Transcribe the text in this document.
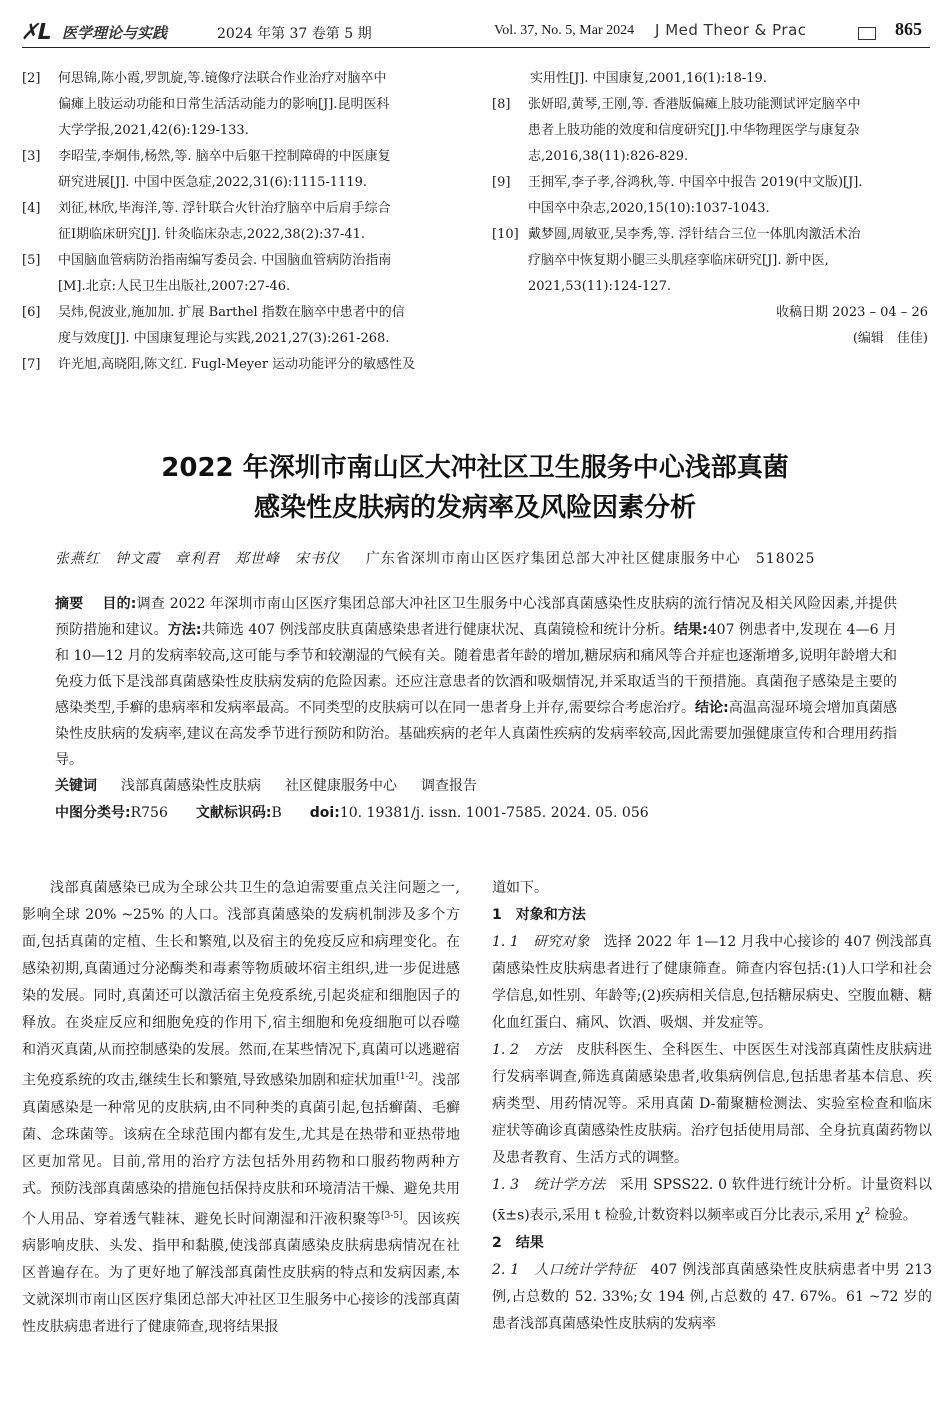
✗L 医学理论与实践	2024 年第 37 卷第 5 期	Vol. 37, No. 5, Mar 2024 J Med Theor & Prac	865
[2]	何思锦,陈小霞,罗凯旋,等.镜像疗法联合作业治疗对脑卒中
偏瘫上肢运动功能和日常生活活动能力的影响[J].昆明医科
大学学报,2021,42(6):129-133.
[3]	李昭莹,李炯伟,杨然,等. 脑卒中后躯干控制障碍的中医康复
研究进展[J]. 中国中医急症,2022,31(6):1115-1119.
[4]	刘征,林欣,毕海洋,等. 浮针联合火针治疗脑卒中后肩手综合
征Ⅰ期临床研究[J]. 针灸临床杂志,2022,38(2):37-41.
[5]	中国脑血管病防治指南编写委员会. 中国脑血管病防治指南
[M].北京:人民卫生出版社,2007:27-46.
[6]	吴炜,倪波业,施加加. 扩展 Barthel 指数在脑卒中患者中的信
度与效度[J]. 中国康复理论与实践,2021,27(3):261-268.
[7]	许光旭,高晓阳,陈文红. Fugl-Meyer 运动功能评分的敏感性及
实用性[J]. 中国康复,2001,16(1):18-19.
[8]	张妍昭,黄琴,王刚,等. 香港版偏瘫上肢功能测试评定脑卒中
患者上肢功能的效度和信度研究[J].中华物理医学与康复杂
志,2016,38(11):826-829.
[9]	王拥军,李子孝,谷鸿秋,等. 中国卒中报告 2019(中文版)[J].
中国卒中杂志,2020,15(10):1037-1043.
[10] 戴梦圆,周敏亚,吴李秀,等. 浮针结合三位一体肌肉激活术治
疗脑卒中恢复期小腿三头肌痉挛临床研究[J]. 新中医,
2021,53(11):124-127.
收稿日期 2023 – 04 – 26
(编辑　佳佳)
2022 年深圳市南山区大冲社区卫生服务中心浅部真菌
感染性皮肤病的发病率及风险因素分析
张燕红　钟文霞　章利君　郑世峰　宋书仪 　 广东省深圳市南山区医疗集团总部大冲社区健康服务中心　518025
摘要　 目的:调查 2022 年深圳市南山区医疗集团总部大冲社区卫生服务中心浅部真菌感染性皮肤病的流行情况及相关风险因素,并提供预防措施和建议。方法:共筛选 407 例浅部皮肤真菌感染患者进行健康状况、真菌镜检和统计分析。结果:407 例患者中,发现在 4—6 月和 10—12 月的发病率较高,这可能与季节和较潮湿的气候有关。随着患者年龄的增加,糖尿病和痛风等合并症也逐渐增多,说明年龄增大和免疫力低下是浅部真菌感染性皮肤病发病的危险因素。还应注意患者的饮酒和吸烟情况,并采取适当的干预措施。真菌孢子感染是主要的感染类型,手癣的患病率和发病率最高。不同类型的皮肤病可以在同一患者身上并存,需要综合考虑治疗。结论:高温高湿环境会增加真菌感染性皮肤病的发病率,建议在高发季节进行预防和防治。基础疾病的老年人真菌性疾病的发病率较高,因此需要加强健康宣传和合理用药指导。
关键词 浅部真菌感染性皮肤病 社区健康服务中心 调查报告
中图分类号:R756　　 文献标识码:B　　 doi:10. 19381/j. issn. 1001-7585. 2024. 05. 056

浅部真菌感染已成为全球公共卫生的急迫需要重点关注问题之一,影响全球 20% ~25% 的人口。浅部真菌感染的发病机制涉及多个方面,包括真菌的定植、生长和繁殖,以及宿主的免疫反应和病理变化。在感染初期,真菌通过分泌酶类和毒素等物质破坏宿主组织,进一步促进感染的发展。同时,真菌还可以激活宿主免疫系统,引起炎症和细胞因子的释放。在炎症反应和细胞免疫的作用下,宿主细胞和免疫细胞可以吞噬和消灭真菌,从而控制感染的发展。然而,在某些情况下,真菌可以逃避宿主免疫系统的攻击,继续生长和繁殖,导致感染加剧和症状加重[1-2]。浅部真菌感染是一种常见的皮肤病,由不同种类的真菌引起,包括癣菌、毛癣菌、念珠菌等。该病在全球范围内都有发生,尤其是在热带和亚热带地区更加常见。目前,常用的治疗方法包括外用药物和口服药物两种方式。预防浅部真菌感染的措施包括保持皮肤和环境清洁干燥、避免共用个人用品、穿着透气鞋袜、避免长时间潮湿和汗液积聚等[3-5]。因该疾病影响皮肤、头发、指甲和黏膜,使浅部真菌感染皮肤病患病情况在社区普遍存在。为了更好地了解浅部真菌性皮肤病的特点和发病因素,本文就深圳市南山区医疗集团总部大冲社区卫生服务中心接诊的浅部真菌性皮肤病患者进行了健康筛查,现将结果报

道如下。
1　对象和方法
1. 1　研究对象　 选择 2022 年 1—12 月我中心接诊的 407 例浅部真菌感染性皮肤病患者进行了健康筛查。筛查内容包括:(1)人口学和社会学信息,如性别、年龄等;(2)疾病相关信息,包括糖尿病史、空腹血糖、糖化血红蛋白、痛风、饮酒、吸烟、并发症等。
1. 2　方法　 皮肤科医生、全科医生、中医医生对浅部真菌性皮肤病进行发病率调查,筛选真菌感染患者,收集病例信息,包括患者基本信息、疾病类型、用药情况等。采用真菌 D-葡聚糖检测法、实验室检查和临床症状等确诊真菌感染性皮肤病。治疗包括使用局部、全身抗真菌药物以及患者教育、生活方式的调整。
1. 3　统计学方法　 采用 SPSS22. 0 软件进行统计分析。计量资料以(x̄±s)表示,采用 t 检验,计数资料以频率或百分比表示,采用 $\chi^2$ 检验。
2　结果
2. 1　人口统计学特征　 407 例浅部真菌感染性皮肤病患者中男 213 例,占总数的 52. 33%;女 194 例,占总数的 47. 67%。61 ~72 岁的患者浅部真菌感染性皮肤病的发病率
